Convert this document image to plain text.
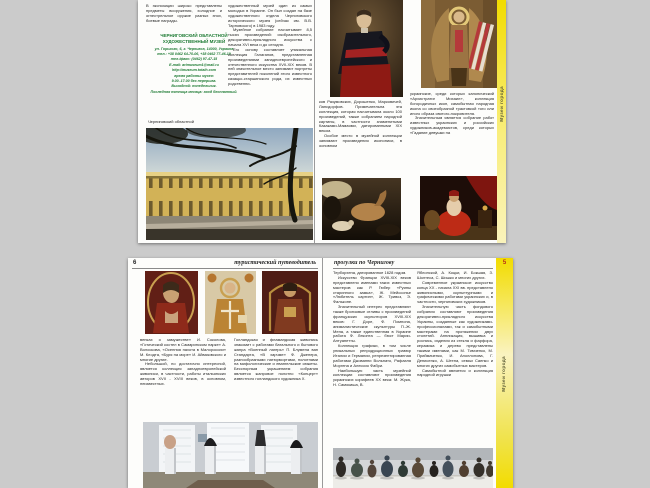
В экспозиции широко представлены предметы вооружения, холодное и огнестрельное оружие разных эпох, боевые награды.

ЧЕРНИГОВСКИЙ ОБЛАСТНОЙ ХУДОЖЕСТВЕННЫЙ МУЗЕЙ

ул. Горького, 6, г. Чернигов, 14000, Украина

тел.: +38 0462 64-70-06, +38 0462 77-46-19

тел./факс: (0462) 97-47-15

E-mail: artmuseum1@mail.ru

http://museum.totalh.com

время работы музея:

9.00–17.00 без перерыва.

Выходной: понедельник.

Последняя пятница месяца: вход бесплатный.

Черниговский областной

художественный музей один из самых молодых в Украине. Он был создан на базе художественного отдела Черниговского исторического музея (сейчас им. В.В. Тарновского) в 1983 году.

Музейное собрание насчитывает 8,5 тысяч произведений: изобразительного, декоративно-прикладного искусства с начала XVI века и до сегодня.

Его основу составляет уникальная коллекция Галаганов, представленная произведениями западноевропейского и отечественного искусства XVII-XIX веков. В ней значительное место занимают портреты представителей поколений этого известного казацко-старшинского рода, их известных родственни-

ков Разумовских, Дорошенко, Марковичей, Лансдорфов. Примечательна эта коллекция, которая насчитывала около 100 произведений, также собранием народной картины, в частности знаменитыми Казаками-Мамаями, датированными XIX веком.

Особое место в музейной коллекции занимают произведения иконописи, в основном

украинские, среди которых канонический «Архистратиг Михаил», коллекция богородичных икон, самобытная народная икона со своеобразной трактовкой того или иного образа святого-покровителя.

Значительным является собрание работ известных украинских и российских художников-академистов, среди которых «Гадание девушки на

Музеи города
6	туристический путеводитель	прогулки по Чернигову

венках о замужестве» И. Соколова, «Готический костел в Самаринском парке» А. Волоскова, «Осенняя пахота в Малороссии» М. Клодта, «Буря на море» И. Айвазовского и многие другие.

Небольшой, но достаточно интересной, является коллекция западноевропейской живописи, в частности, работы итальянских авторов XVII - XVIII веков, в основном, неизвестных.

Голландская и фламандская живопись знакомит с работами батального и бытового жанра «Военный лагерь» П. Блумена ван Стандарта, «В харчме» Ф. Дженера, разнообразными натюрмортами, полотнами на мифологические и евангельские сюжеты. Бесспорным украшением собрания является жанровое полотно «Концерт» известного голландского художника Х.

Терборхена, датированное 1628 годом.

Искусство Франции XVIII-XIX веков представлено именами таких известных мастеров как Р. Гюбер «Руины старинного замка», Ж. Мейссонье «Любитель картин», Ж. Тривоз, Э. Фальконе.

Значительный интерес представляют также бронзовые отливы с произведений французских скульпторов XVIII-XIX веков: Г. Доре, Ф. Помпона, анималистические скульптуры П.-Ж. Мена, а также единственная в Украине работа Ф. Леконта — бюст Марии-Антуанетты.

Коллекция графики, в том числе уникальных репродукционных гравюр Италии и Германии, репрезентированная работами Джованни Вольпато, Рафаэля Моргена и Алессио Фабри.

Наибольшую часть музейной коллекции составляют произведения украинских корифеев XX века: М. Жука, Н. Самокиша, В.

Яблонской, А. Коцки, И. Бокшая, З. Шолтеса, С. Шишко и многих других.

Современное украинское искусство конца XX - начала XXI вв. представлено живописными, скульптурными и графическими работами украинских и, в частности, черниговских художников.

Значительную часть фондового собрания составляют произведения декоративно-прикладного искусства Украины, созданные как художниками-профессионалами, так и самобытными мастерами на протяжении двух столетий. Аппликация, вышивка и роспись, изделия из стекла и фарфора, керамика и дерево представлены такими именами, как М. Тимченко, М. Приймаченко, И. Аполлонова, Г. Денисенко, А. Штепа, семьи Саенко и многих других самобытных мастеров.

Самобытной является и коллекция народной игрушки

5
Музеи города
